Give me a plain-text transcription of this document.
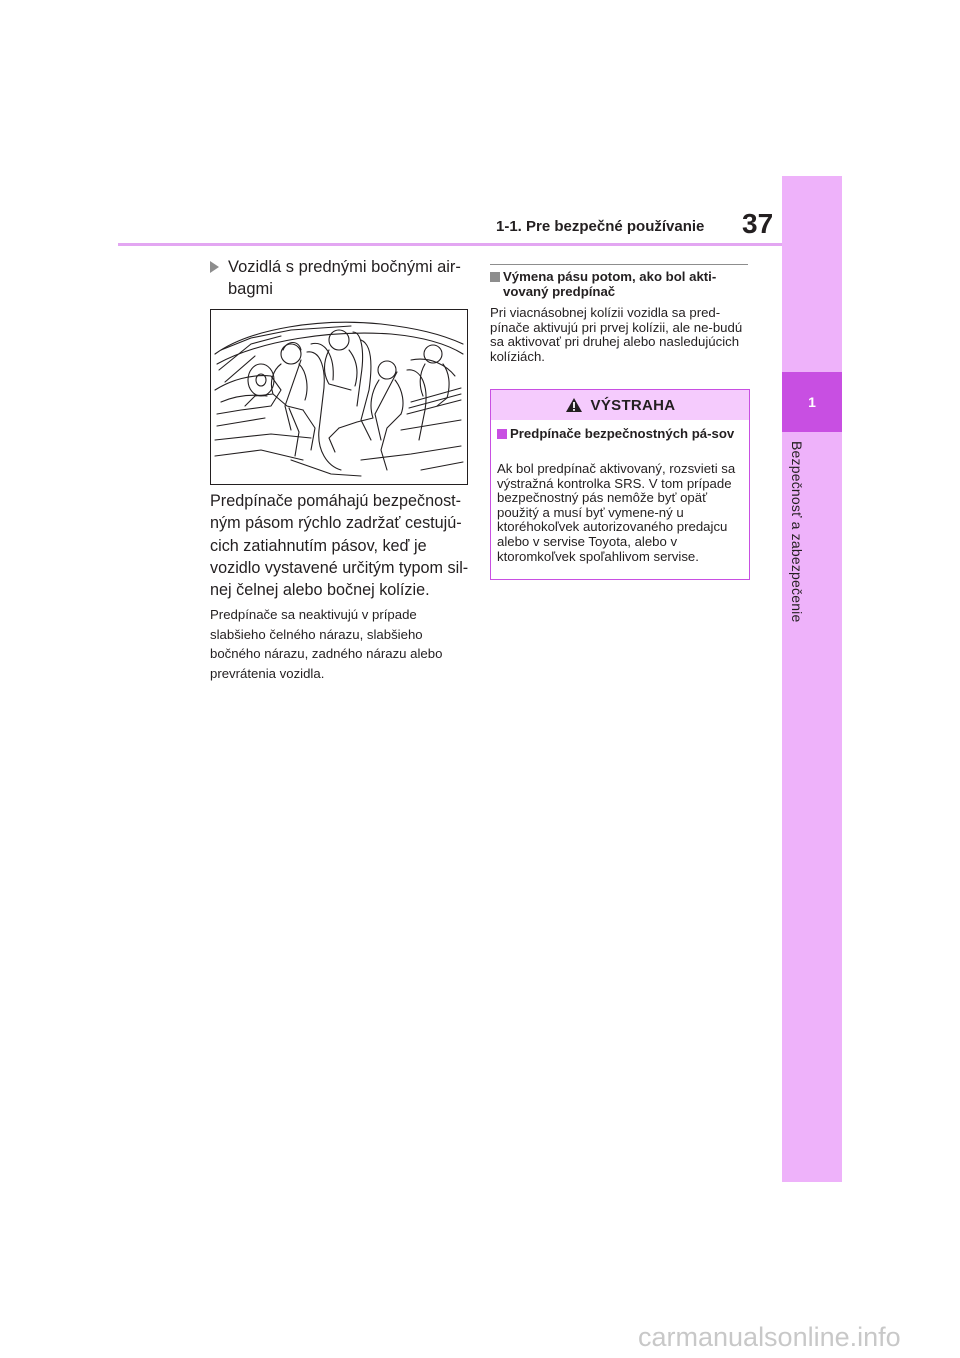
1-1. Pre bezpečné používanie 37
1
Bezpečnosť a zabezpečenie
Vozidlá s prednými bočnými air-bagmi
Predpínače pomáhajú bezpečnost-ným pásom rýchlo zadržať cestujú-cich zatiahnutím pásov, keď je vozidlo vystavené určitým typom sil-nej čelnej alebo bočnej kolízie.
Predpínače sa neaktivujú v prípade slabšieho čelného nárazu, slabšieho bočného nárazu, zadného nárazu alebo prevrátenia vozidla.
Výmena pásu potom, ako bol akti-vovaný predpínač
Pri viacnásobnej kolízii vozidla sa pred-pínače aktivujú pri prvej kolízii, ale ne-budú sa aktivovať pri druhej alebo nasledujúcich kolíziách.
VÝSTRAHA
Predpínače bezpečnostných pá-sov
Ak bol predpínač aktivovaný, rozsvieti sa výstražná kontrolka SRS. V tom prípade bezpečnostný pás nemôže byť opäť použitý a musí byť vymene-ný u ktoréhokoľvek autorizovaného predajcu alebo v servise Toyota, alebo v ktoromkoľvek spoľahlivom servise.
carmanualsonline.info
